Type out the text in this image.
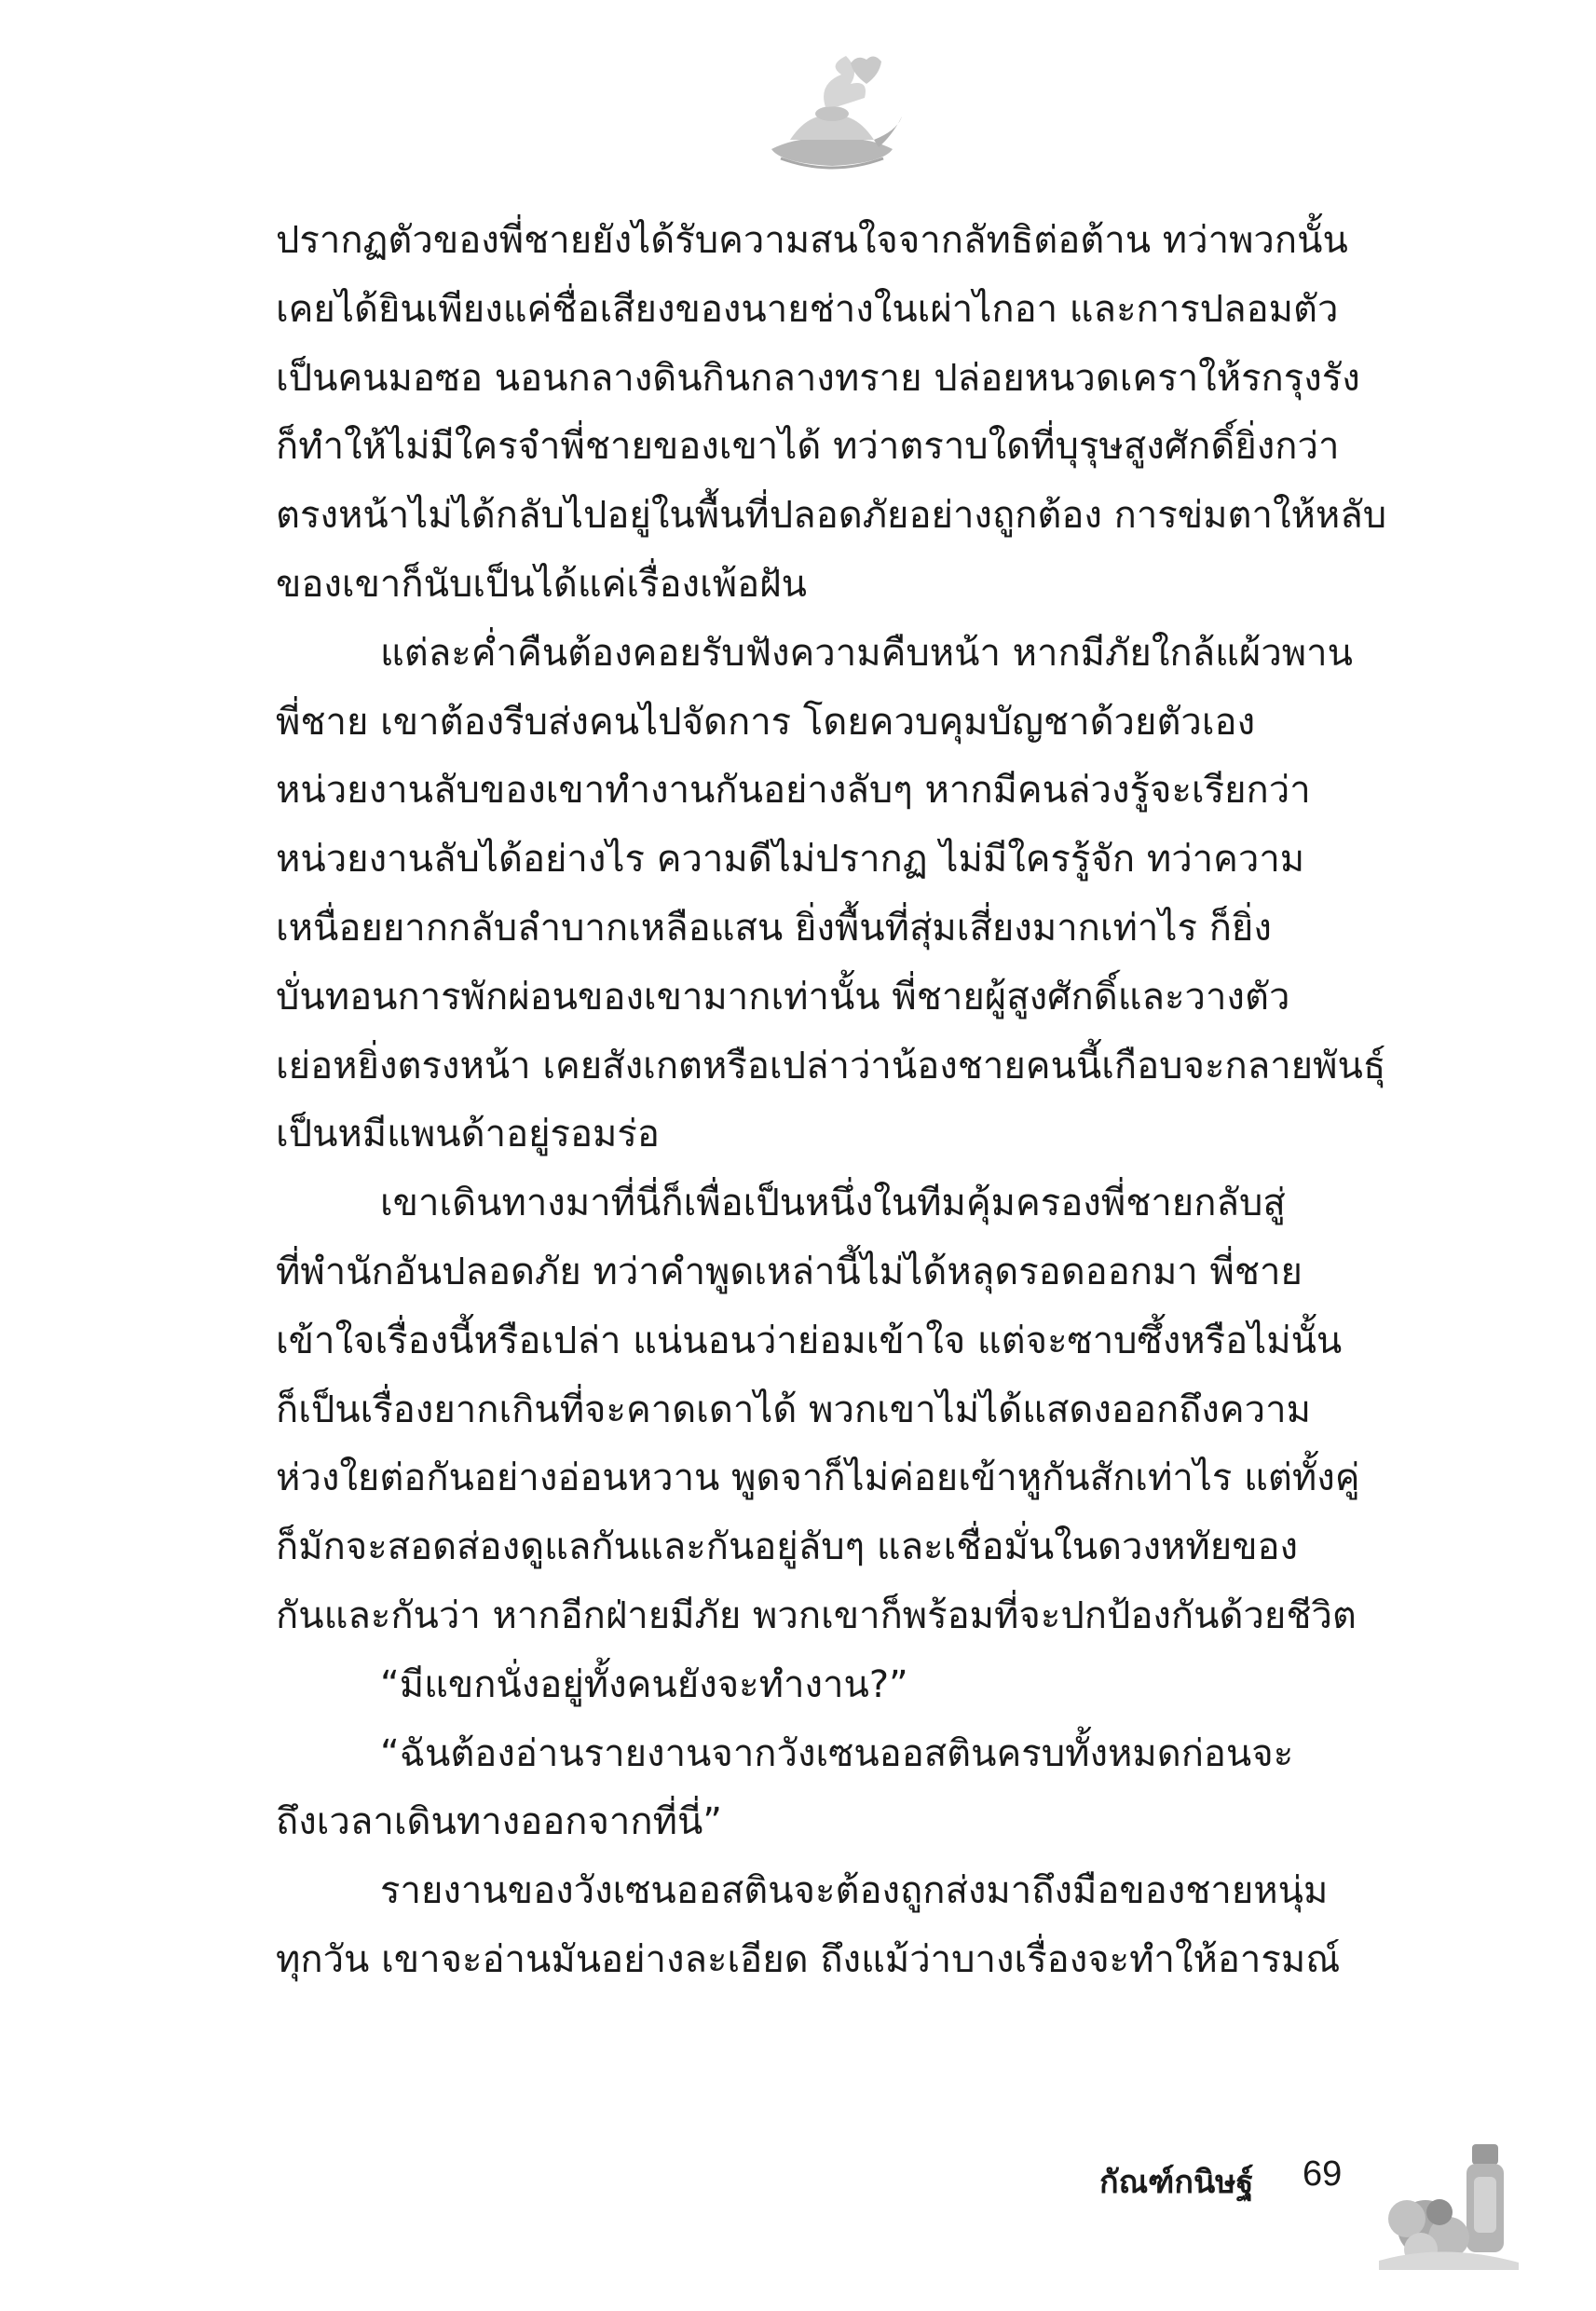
ปรากฏตัวของพี่ชายยังได้รับความสนใจจากลัทธิต่อต้าน ทว่าพวกนั้น
เคยได้ยินเพียงแค่ชื่อเสียงของนายช่างในเผ่าไกอา และการปลอมตัว
เป็นคนมอซอ นอนกลางดินกินกลางทราย ปล่อยหนวดเคราให้รกรุงรัง
ก็ทำให้ไม่มีใครจำพี่ชายของเขาได้ ทว่าตราบใดที่บุรุษสูงศักดิ์ยิ่งกว่า
ตรงหน้าไม่ได้กลับไปอยู่ในพื้นที่ปลอดภัยอย่างถูกต้อง การข่มตาให้หลับ
ของเขาก็นับเป็นได้แค่เรื่องเพ้อฝัน
แต่ละค่ำคืนต้องคอยรับฟังความคืบหน้า หากมีภัยใกล้แผ้วพาน
พี่ชาย เขาต้องรีบส่งคนไปจัดการ โดยควบคุมบัญชาด้วยตัวเอง
หน่วยงานลับของเขาทำงานกันอย่างลับๆ หากมีคนล่วงรู้จะเรียกว่า
หน่วยงานลับได้อย่างไร ความดีไม่ปรากฏ ไม่มีใครรู้จัก ทว่าความ
เหนื่อยยากกลับลำบากเหลือแสน ยิ่งพื้นที่สุ่มเสี่ยงมากเท่าไร ก็ยิ่ง
บั่นทอนการพักผ่อนของเขามากเท่านั้น พี่ชายผู้สูงศักดิ์และวางตัว
เย่อหยิ่งตรงหน้า เคยสังเกตหรือเปล่าว่าน้องชายคนนี้เกือบจะกลายพันธุ์
เป็นหมีแพนด้าอยู่รอมร่อ
เขาเดินทางมาที่นี่ก็เพื่อเป็นหนึ่งในทีมคุ้มครองพี่ชายกลับสู่
ที่พำนักอันปลอดภัย ทว่าคำพูดเหล่านี้ไม่ได้หลุดรอดออกมา พี่ชาย
เข้าใจเรื่องนี้หรือเปล่า แน่นอนว่าย่อมเข้าใจ แต่จะซาบซึ้งหรือไม่นั้น
ก็เป็นเรื่องยากเกินที่จะคาดเดาได้ พวกเขาไม่ได้แสดงออกถึงความ
ห่วงใยต่อกันอย่างอ่อนหวาน พูดจาก็ไม่ค่อยเข้าหูกันสักเท่าไร แต่ทั้งคู่
ก็มักจะสอดส่องดูแลกันและกันอยู่ลับๆ และเชื่อมั่นในดวงหทัยของ
กันและกันว่า หากอีกฝ่ายมีภัย พวกเขาก็พร้อมที่จะปกป้องกันด้วยชีวิต
“มีแขกนั่งอยู่ทั้งคนยังจะทำงาน?”
“ฉันต้องอ่านรายงานจากวังเซนออสตินครบทั้งหมดก่อนจะ
ถึงเวลาเดินทางออกจากที่นี่”
รายงานของวังเซนออสตินจะต้องถูกส่งมาถึงมือของชายหนุ่ม
ทุกวัน เขาจะอ่านมันอย่างละเอียด ถึงแม้ว่าบางเรื่องจะทำให้อารมณ์
กัณฑ์กนิษฐ์ 69
